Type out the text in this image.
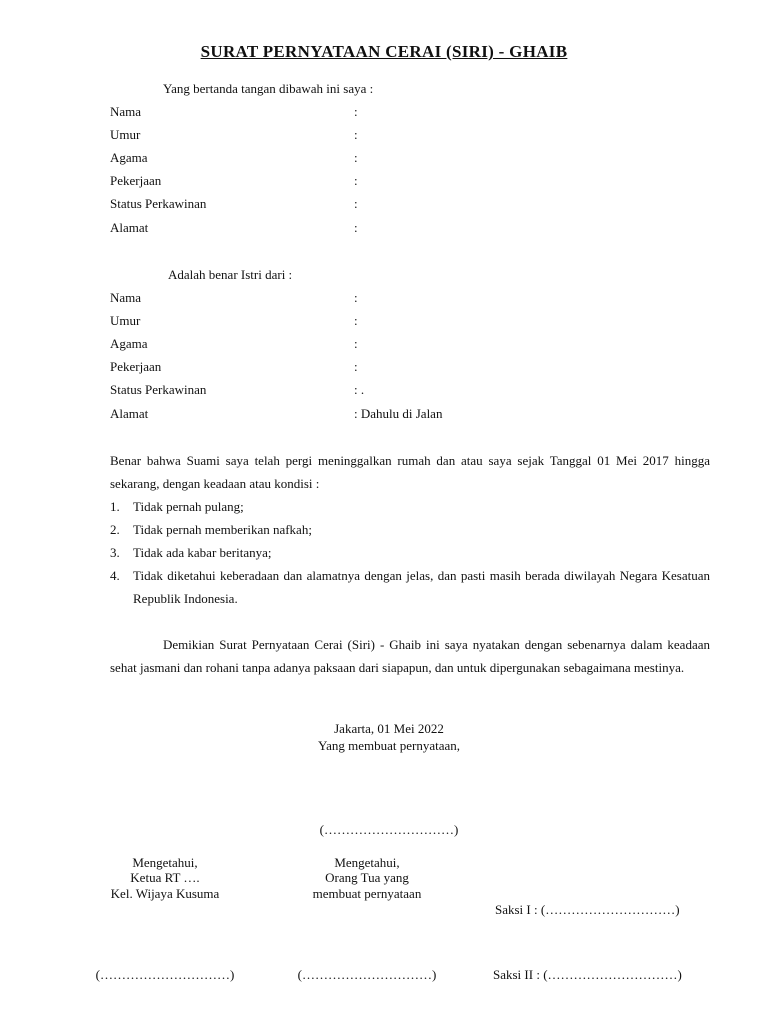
SURAT PERNYATAAN CERAI (SIRI) - GHAIB

Yang bertanda tangan dibawah ini saya :

Nama	:

Umur	:

Agama	:

Pekerjaan	:

Status Perkawinan	:

Alamat	:

Adalah benar Istri dari :

Nama	:

Umur	:

Agama	:

Pekerjaan	:

Status Perkawinan	: .

Alamat	: Dahulu di Jalan

Benar bahwa Suami saya telah pergi meninggalkan rumah dan atau saya sejak Tanggal 01 Mei 2017 hingga sekarang, dengan keadaan atau kondisi :

1. Tidak pernah pulang;
2. Tidak pernah memberikan nafkah;
3. Tidak ada kabar beritanya;
4. Tidak diketahui keberadaan dan alamatnya dengan jelas, dan pasti masih berada diwilayah Negara Kesatuan Republik Indonesia.

Demikian Surat Pernyataan Cerai (Siri) - Ghaib ini saya nyatakan dengan sebenarnya dalam keadaan sehat jasmani dan rohani tanpa adanya paksaan dari siapapun, dan untuk dipergunakan sebagaimana mestinya.

Jakarta, 01 Mei 2022
Yang membuat pernyataan,
(…………………………)
Mengetahui,
Ketua RT ….
Kel. Wijaya Kusuma
(…………………………)
Mengetahui,
Orang Tua yang
membuat pernyataan
(…………………………)
Saksi I : (…………………………)
Saksi II : (…………………………)
